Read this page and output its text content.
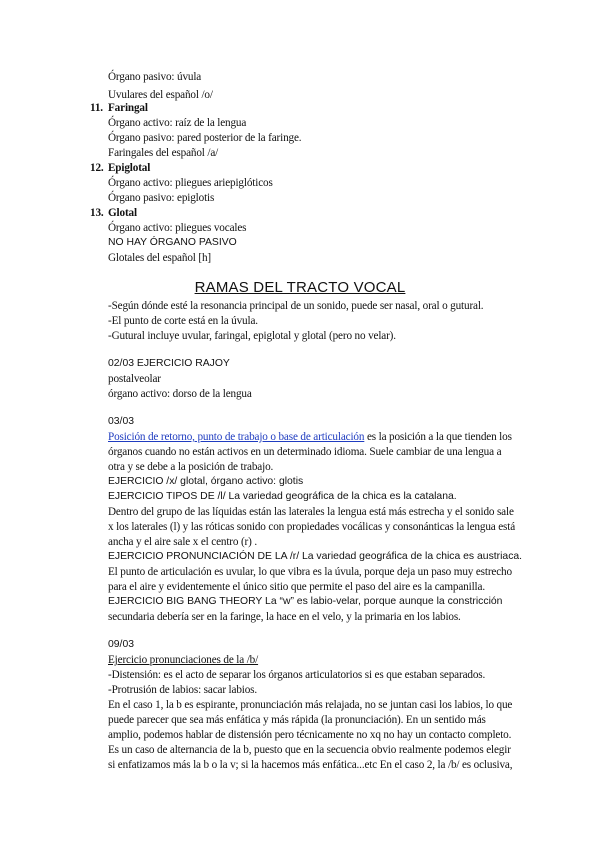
Órgano pasivo: úvula
Uvulares del español /o/
11. Faringal
Órgano activo: raíz de la lengua
Órgano pasivo: pared posterior de la faringe.
Faringales del español /a/
12. Epiglotal
Órgano activo: pliegues ariepiglóticos
Órgano pasivo: epiglotis
13. Glotal
Órgano activo: pliegues vocales
NO HAY ÓRGANO PASIVO
Glotales del español [h]
RAMAS DEL TRACTO VOCAL
-Según dónde esté la resonancia principal de un sonido, puede ser nasal, oral o gutural.
-El punto de corte está en la úvula.
-Gutural incluye uvular, faringal, epiglotal y glotal (pero no velar).
02/03 EJERCICIO RAJOY
postalveolar
órgano activo: dorso de la lengua
03/03
Posición de retorno, punto de trabajo o base de articulación es la posición a la que tienden los
órganos cuando no están activos en un determinado idioma. Suele cambiar de una lengua a
otra y se debe a la posición de trabajo.
EJERCICIO /x/ glotal, órgano activo: glotis
EJERCICIO TIPOS DE /l/ La variedad geográfica de la chica es la catalana.
Dentro del grupo de las líquidas están las laterales la lengua está más estrecha y el sonido sale
x los laterales (l) y las róticas sonido con propiedades vocálicas y consonánticas la lengua está
ancha y el aire sale x el centro (r) .
EJERCICIO PRONUNCIACIÓN DE LA /r/ La variedad geográfica de la chica es austriaca.
El punto de articulación es uvular, lo que vibra es la úvula, porque deja un paso muy estrecho
para el aire y evidentemente el único sitio que permite el paso del aire es la campanilla.
EJERCICIO BIG BANG THEORY La “w” es labio-velar, porque aunque la constricción
secundaria debería ser en la faringe, la hace en el velo, y la primaria en los labios.
09/03
Ejercicio pronunciaciones de la /b/
-Distensión: es el acto de separar los órganos articulatorios si es que estaban separados.
-Protrusión de labios: sacar labios.
En el caso 1, la b es espirante, pronunciación más relajada, no se juntan casi los labios, lo que
puede parecer que sea más enfática y más rápida (la pronunciación). En un sentido más
amplio, podemos hablar de distensión pero técnicamente no xq no hay un contacto completo.
Es un caso de alternancia de la b, puesto que en la secuencia obvio realmente podemos elegir
si enfatizamos más la b o la v; si la hacemos más enfática...etc En el caso 2, la /b/ es oclusiva,
